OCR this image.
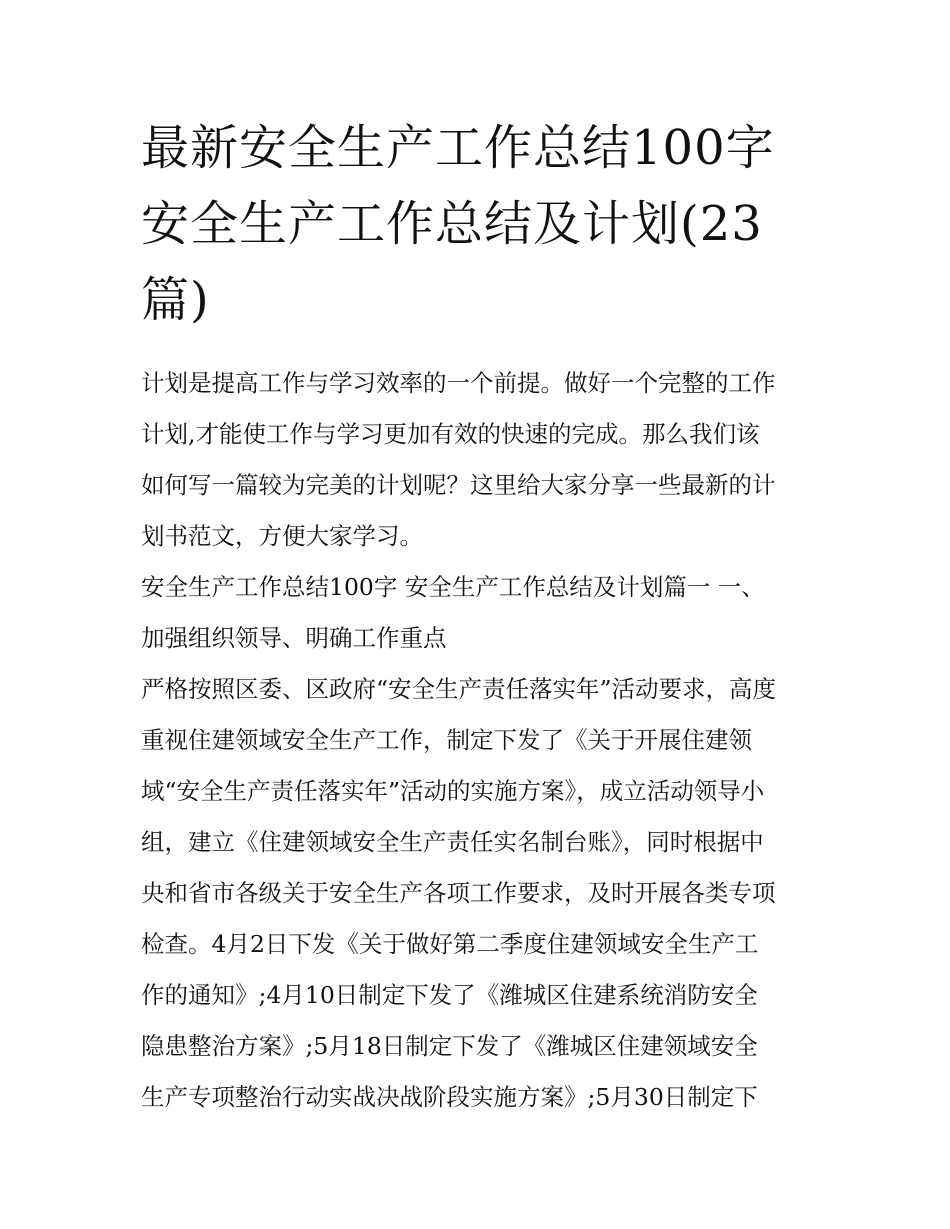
最新安全生产工作总结100字
安全生产工作总结及计划(23
篇)
计划是提高工作与学习效率的一个前提。做好一个完整的工作
计划,才能使工作与学习更加有效的快速的完成。那么我们该
如何写一篇较为完美的计划呢？这里给大家分享一些最新的计
划书范文，方便大家学习。
安全生产工作总结100字 安全生产工作总结及计划篇一 一、
加强组织领导、明确工作重点
严格按照区委、区政府“安全生产责任落实年”活动要求，高度
重视住建领域安全生产工作，制定下发了《关于开展住建领
域“安全生产责任落实年”活动的实施方案》，成立活动领导小
组，建立《住建领域安全生产责任实名制台账》，同时根据中
央和省市各级关于安全生产各项工作要求，及时开展各类专项
检查。4月2日下发《关于做好第二季度住建领域安全生产工
作的通知》;4月10日制定下发了《潍城区住建系统消防安全
隐患整治方案》;5月18日制定下发了《潍城区住建领域安全
生产专项整治行动实战决战阶段实施方案》;5月30日制定下
